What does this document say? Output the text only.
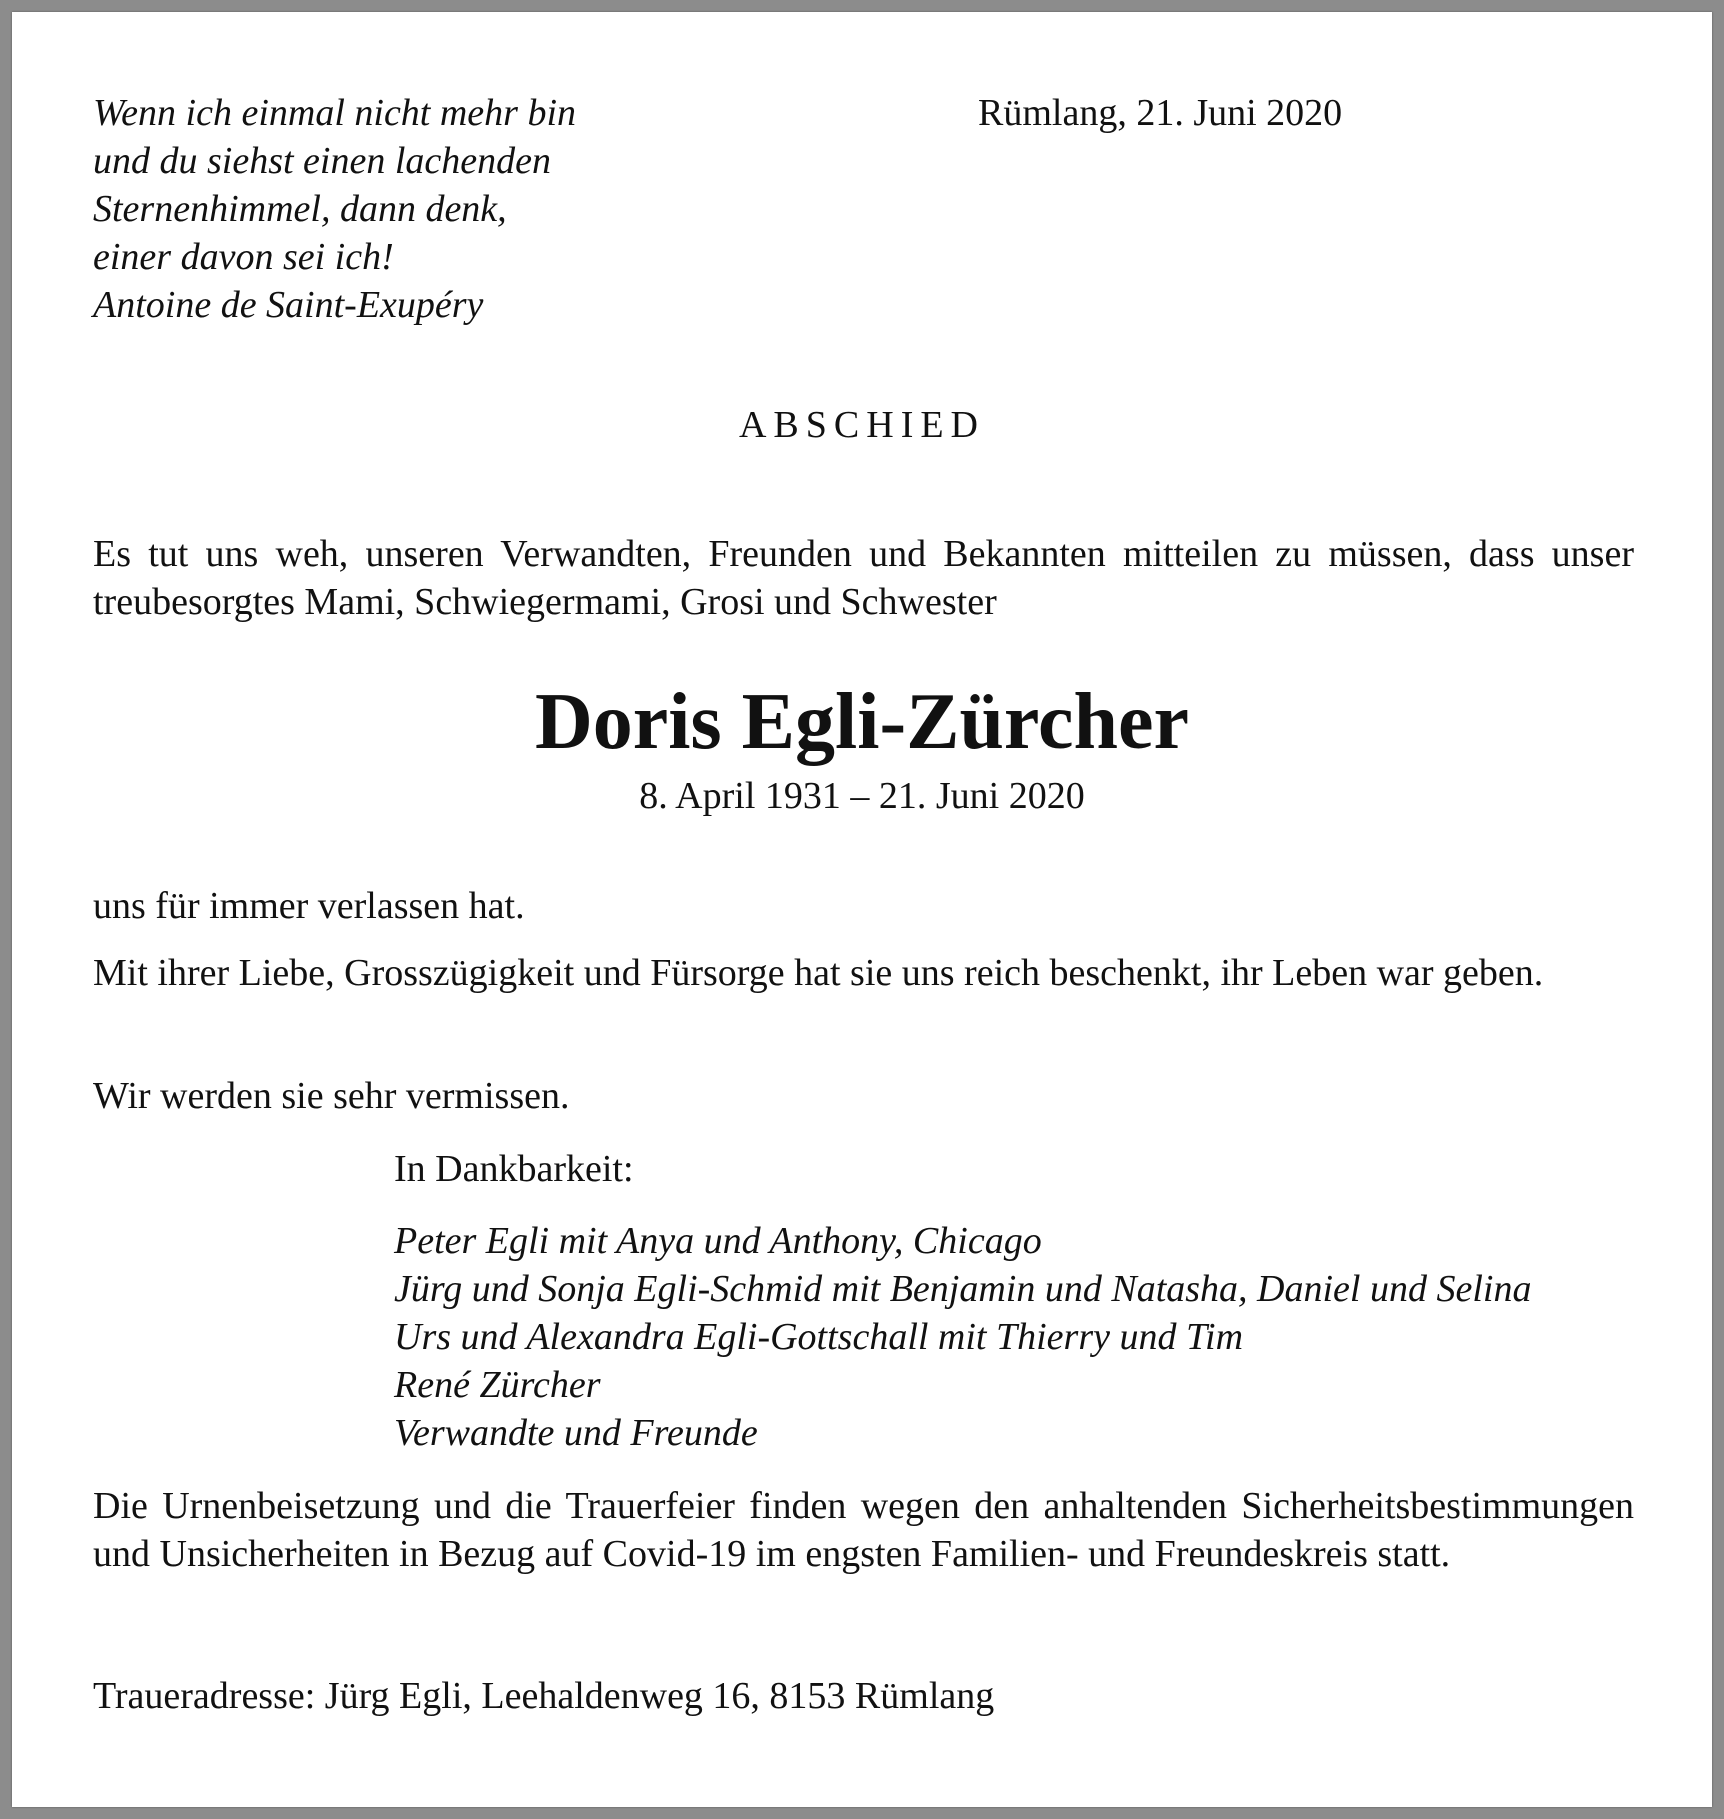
Wenn ich einmal nicht mehr bin
und du siehst einen lachenden
Sternenhimmel, dann denk,
einer davon sei ich!
Antoine de Saint-Exupéry
Rümlang, 21. Juni 2020
ABSCHIED
Es tut uns weh, unseren Verwandten, Freunden und Bekannten mitteilen zu müssen, dass unser treubesorgtes Mami, Schwiegermami, Grosi und Schwester
Doris Egli-Zürcher
8. April 1931 – 21. Juni 2020
uns für immer verlassen hat.
Mit ihrer Liebe, Grosszügigkeit und Fürsorge hat sie uns reich beschenkt, ihr Leben war geben.
Wir werden sie sehr vermissen.
In Dankbarkeit:
Peter Egli mit Anya und Anthony, Chicago
Jürg und Sonja Egli-Schmid mit Benjamin und Natasha, Daniel und Selina
Urs und Alexandra Egli-Gottschall mit Thierry und Tim
René Zürcher
Verwandte und Freunde
Die Urnenbeisetzung und die Trauerfeier finden wegen den anhaltenden Sicherheitsbestimmungen und Unsicherheiten in Bezug auf Covid-19 im engsten Familien- und Freundeskreis statt.
Traueradresse: Jürg Egli, Leehaldenweg 16, 8153 Rümlang
